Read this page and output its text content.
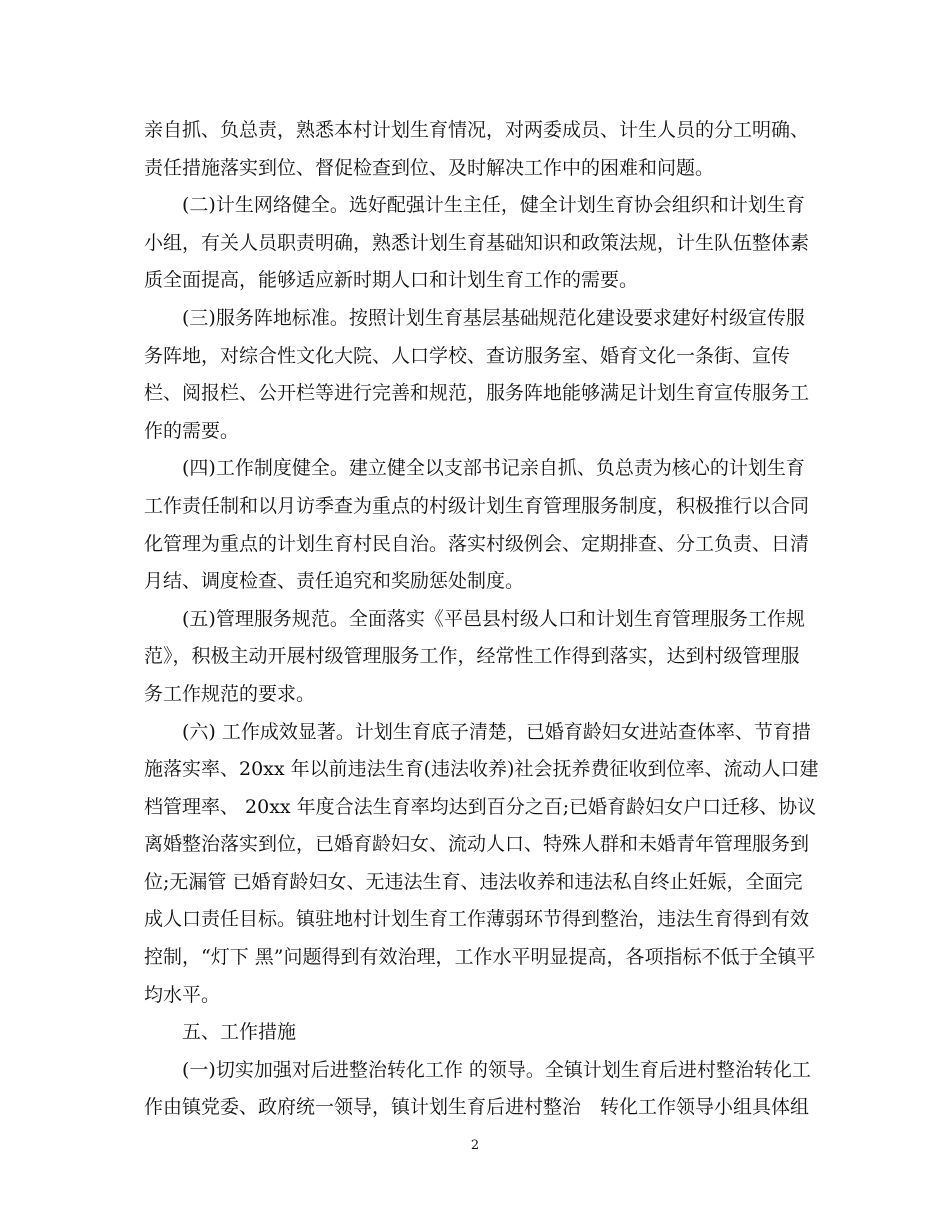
亲自抓、负总责，熟悉本村计划生育情况，对两委成员、计生人员的分工明确、
责任措施落实到位、督促检查到位、及时解决工作中的困难和问题。
(二)计生网络健全。选好配强计生主任，健全计划生育协会组织和计划生育
小组，有关人员职责明确，熟悉计划生育基础知识和政策法规，计生队伍整体素
质全面提高，能够适应新时期人口和计划生育工作的需要。
(三)服务阵地标准。按照计划生育基层基础规范化建设要求建好村级宣传服
务阵地，对综合性文化大院、人口学校、查访服务室、婚育文化一条街、宣传
栏、阅报栏、公开栏等进行完善和规范，服务阵地能够满足计划生育宣传服务工
作的需要。
(四)工作制度健全。建立健全以支部书记亲自抓、负总责为核心的计划生育
工作责任制和以月访季查为重点的村级计划生育管理服务制度，积极推行以合同
化管理为重点的计划生育村民自治。落实村级例会、定期排查、分工负责、日清
月结、调度检查、责任追究和奖励惩处制度。
(五)管理服务规范。全面落实《平邑县村级人口和计划生育管理服务工作规
范》，积极主动开展村级管理服务工作，经常性工作得到落实，达到村级管理服
务工作规范的要求。
(六) 工作成效显著。计划生育底子清楚，已婚育龄妇女进站查体率、节育措
施落实率、20xx 年以前违法生育(违法收养)社会抚养费征收到位率、流动人口建
档管理率、 20xx 年度合法生育率均达到百分之百;已婚育龄妇女户口迁移、协议
离婚整治落实到位，已婚育龄妇女、流动人口、特殊人群和未婚青年管理服务到
位;无漏管 已婚育龄妇女、无违法生育、违法收养和违法私自终止妊娠，全面完
成人口责任目标。镇驻地村计划生育工作薄弱环节得到整治，违法生育得到有效
控制，“灯下 黑”问题得到有效治理，工作水平明显提高，各项指标不低于全镇平
均水平。
五、工作措施
(一)切实加强对后进整治转化工作 的领导。全镇计划生育后进村整治转化工
作由镇党委、政府统一领导，镇计划生育后进村整治　转化工作领导小组具体组
2
